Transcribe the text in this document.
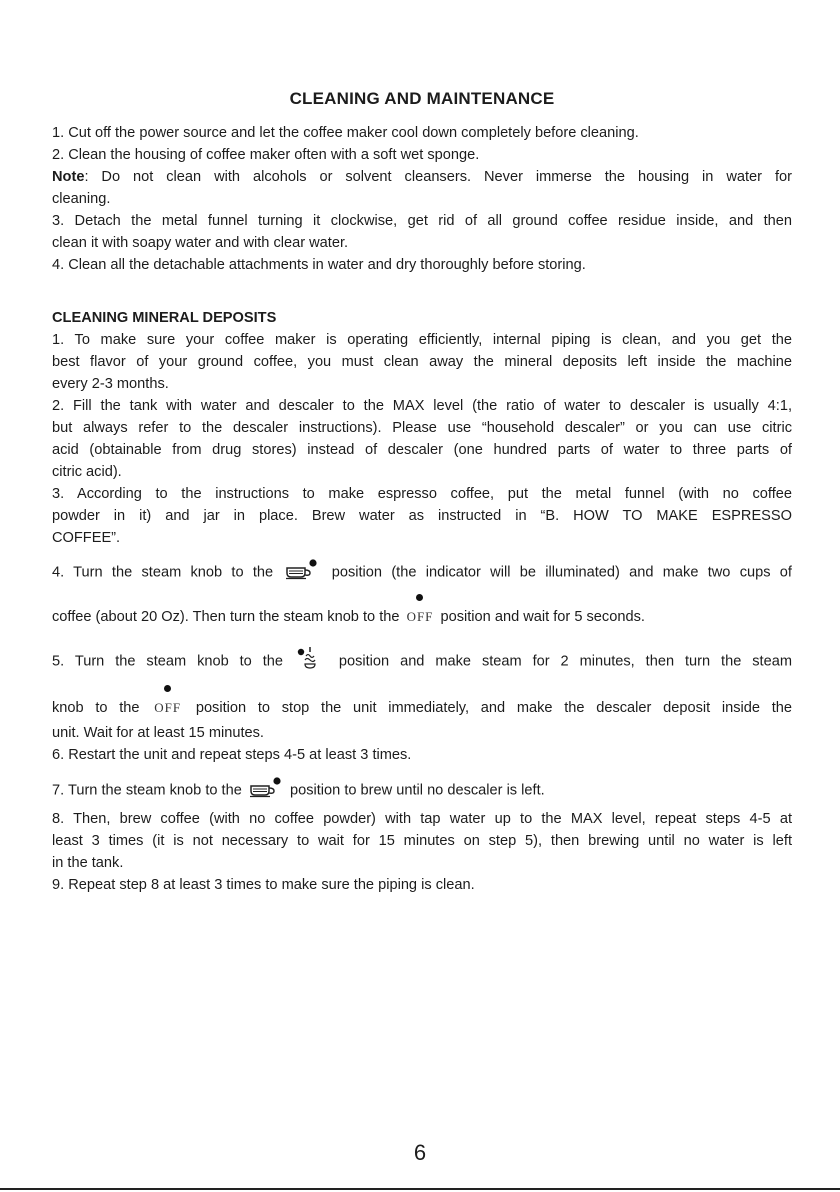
CLEANING AND MAINTENANCE

1. Cut off the power source and let the coffee maker cool down completely before cleaning.

2. Clean the housing of coffee maker often with a soft wet sponge.

Note: Do not clean with alcohols or solvent cleansers. Never immerse the housing in water for

cleaning.

3. Detach the metal funnel turning it clockwise, get rid of all ground coffee residue inside, and then

clean it with soapy water and with clear water.

4. Clean all the detachable attachments in water and dry thoroughly before storing.

CLEANING MINERAL DEPOSITS

1. To make sure your coffee maker is operating efficiently, internal piping is clean, and you get the

best flavor of your ground coffee, you must clean away the mineral deposits left inside the machine

every 2-3 months.

2. Fill the tank with water and descaler to the MAX level (the ratio of water to descaler is usually 4:1,

but always refer to the descaler instructions). Please use “household descaler” or you can use citric

acid (obtainable from drug stores) instead of descaler (one hundred parts of water to three parts of

citric acid).

3. According to the instructions to make espresso coffee, put the metal funnel (with no coffee

powder in it) and jar in place. Brew water as instructed in “B. HOW TO MAKE ESPRESSO

COFFEE”.

4. Turn the steam knob to the	position (the indicator will be illuminated) and make two cups of

coffee (about 20 Oz). Then turn the steam knob to the OFF position and wait for 5 seconds.

5. Turn the steam knob to the	position and make steam for 2 minutes, then turn the steam

knob to the OFF position to stop the unit immediately, and make the descaler deposit inside the

unit. Wait for at least 15 minutes.

6. Restart the unit and repeat steps 4-5 at least 3 times.

7. Turn the steam knob to the	position to brew until no descaler is left.

8. Then, brew coffee (with no coffee powder) with tap water up to the MAX level, repeat steps 4-5 at

least 3 times (it is not necessary to wait for 15 minutes on step 5), then brewing until no water is left

in the tank.

9. Repeat step 8 at least 3 times to make sure the piping is clean.

6
